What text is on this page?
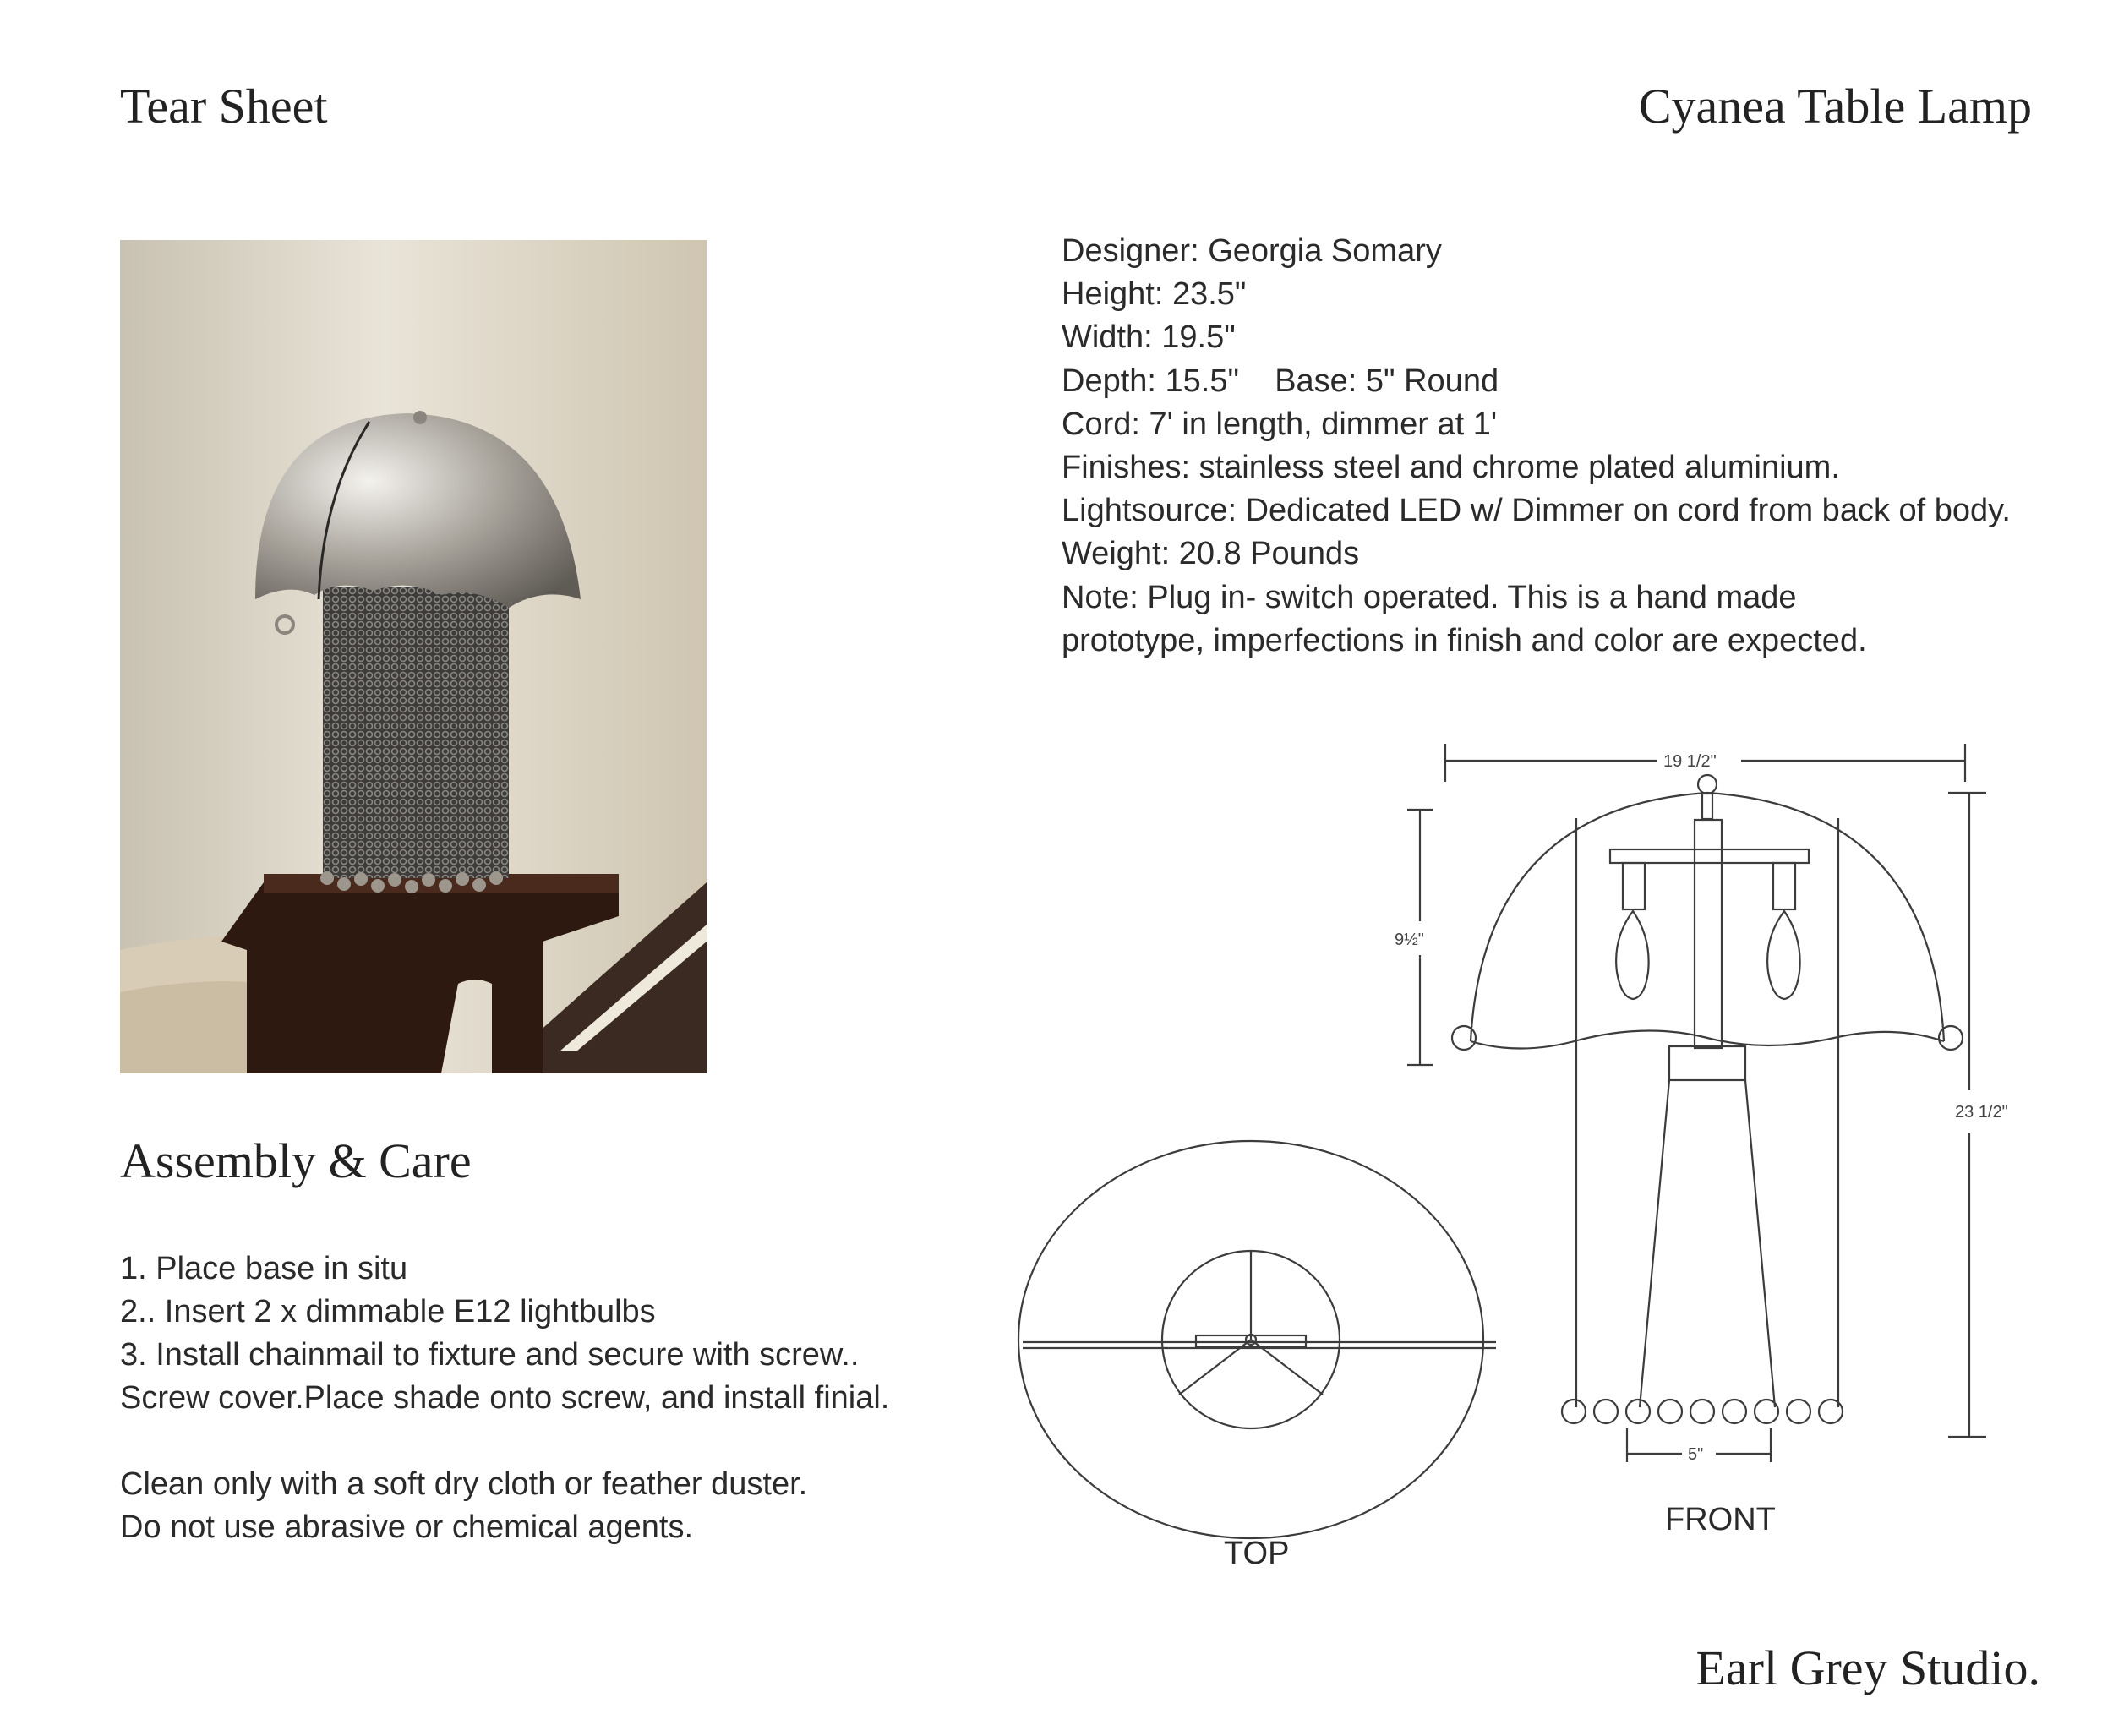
Tear Sheet	Cyanea Table Lamp
Designer: Georgia Somary
Height: 23.5"
Width: 19.5"
Depth: 15.5"    Base: 5" Round
Cord: 7' in length, dimmer at 1'
Finishes: stainless steel and chrome plated aluminium.
Lightsource: Dedicated LED w/ Dimmer on cord from back of body.
Weight: 20.8 Pounds
Note: Plug in- switch operated. This is a hand made
prototype, imperfections in finish and color are expected.
Assembly & Care
1. Place base in situ
2.. Insert 2 x dimmable E12 lightbulbs
3. Install chainmail to fixture and secure with screw..
Screw cover.Place shade onto screw, and install finial.
Clean only with a soft dry cloth or feather duster.
Do not use abrasive or chemical agents.
TOP
19 1/2"
23 1/2"
9½"
5"
FRONT
Earl Grey Studio.
